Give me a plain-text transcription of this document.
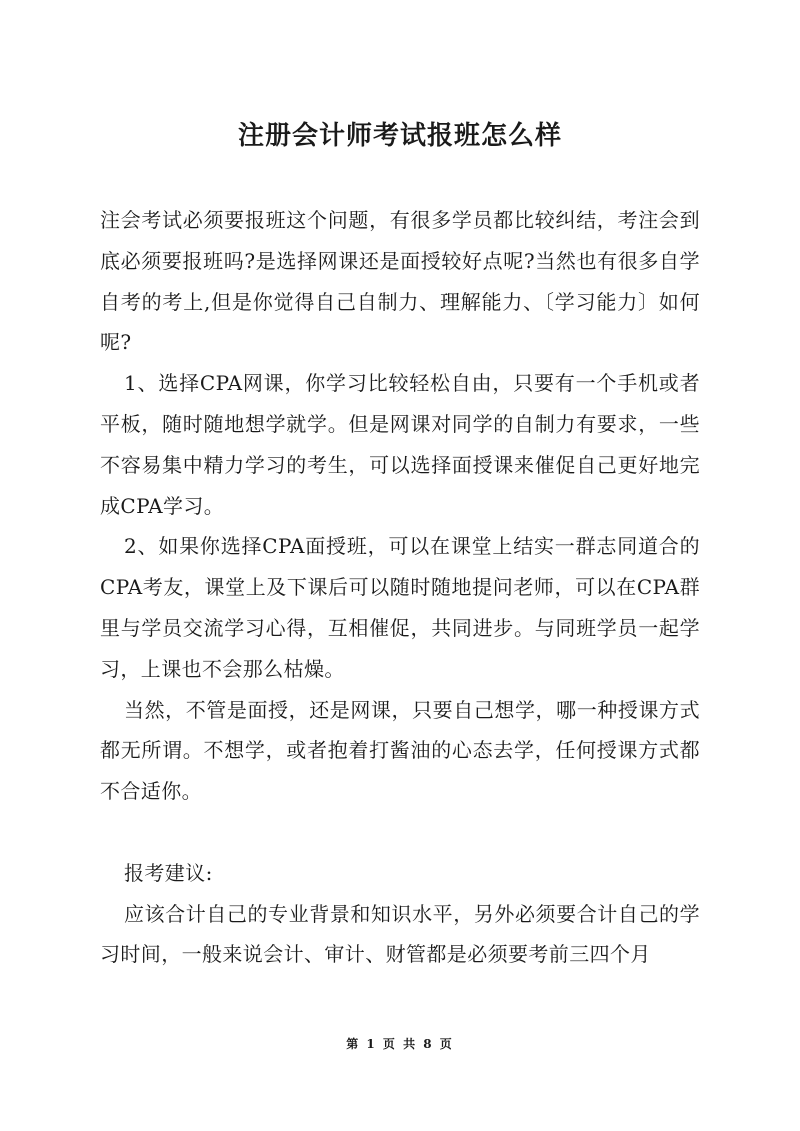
注册会计师考试报班怎么样

注会考试必须要报班这个问题，有很多学员都比较纠结，考注会到底必须要报班吗?是选择网课还是面授较好点呢?当然也有很多自学自考的考上,但是你觉得自己自制力、理解能力、〔学习能力〕如何呢?

1、选择CPA网课，你学习比较轻松自由，只要有一个手机或者平板，随时随地想学就学。但是网课对同学的自制力有要求，一些不容易集中精力学习的考生，可以选择面授课来催促自己更好地完成CPA学习。

2、如果你选择CPA面授班，可以在课堂上结实一群志同道合的CPA考友，课堂上及下课后可以随时随地提问老师，可以在CPA群里与学员交流学习心得，互相催促，共同进步。与同班学员一起学习，上课也不会那么枯燥。

当然，不管是面授，还是网课，只要自己想学，哪一种授课方式都无所谓。不想学，或者抱着打酱油的心态去学，任何授课方式都不合适你。

报考建议:

应该合计自己的专业背景和知识水平，另外必须要合计自己的学习时间，一般来说会计、审计、财管都是必须要考前三四个月

第 1 页 共 8 页
